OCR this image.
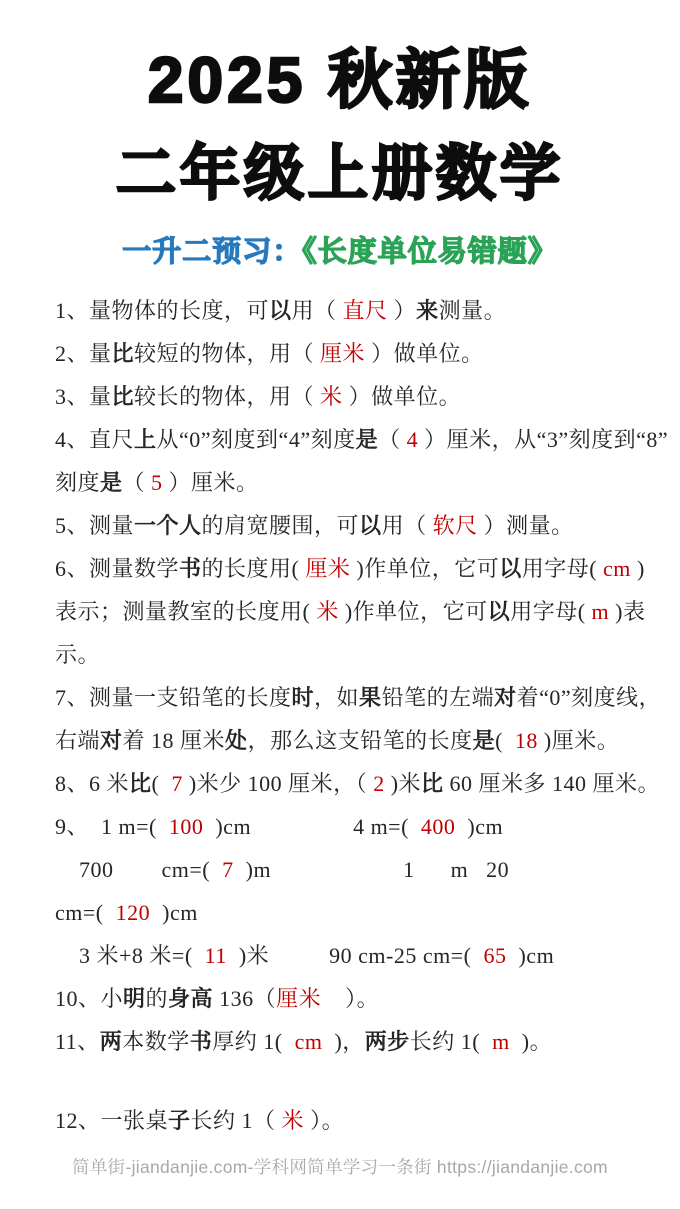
2025 秋新版
二年级上册数学
一升二预习：《长度单位易错题》
1、量物体的长度，可以用（ 直尺 ）来测量。
2、量比较短的物体，用（ 厘米 ）做单位。
3、量比较长的物体，用（ 米 ）做单位。
4、直尺上从“0”刻度到“4”刻度是（ 4 ）厘米，从“3”刻度到“8”
刻度是（ 5 ）厘米。
5、测量一个人的肩宽腰围，可以用（ 软尺 ）测量。
6、测量数学书的长度用( 厘米 )作单位，它可以用字母( cm )
表示；测量教室的长度用( 米 )作单位，它可以用字母( m )表
示。
7、测量一支铅笔的长度时，如果铅笔的左端对着“0”刻度线，
右端对着 18 厘米处，那么这支铅笔的长度是(  18 )厘米。
8、6 米比(  7 )米少 100 厘米，（ 2 )米比 60 厘米多 140 厘米。
9、  1 m=(  100  )cm                 4 m=(  400  )cm
700        cm=(  7  )m                      1      m   20
cm=(  120  )cm
3 米+8 米=(  11  )米          90 cm-25 cm=(  65  )cm
10、小明的身高 136（厘米    ）。
11、两本数学书厚约 1(  cm  )，两步长约 1(  m  )。
12、一张桌子长约 1（ 米 ）。
简单街-jiandanjie.com-学科网简单学习一条街 https://jiandanjie.com
